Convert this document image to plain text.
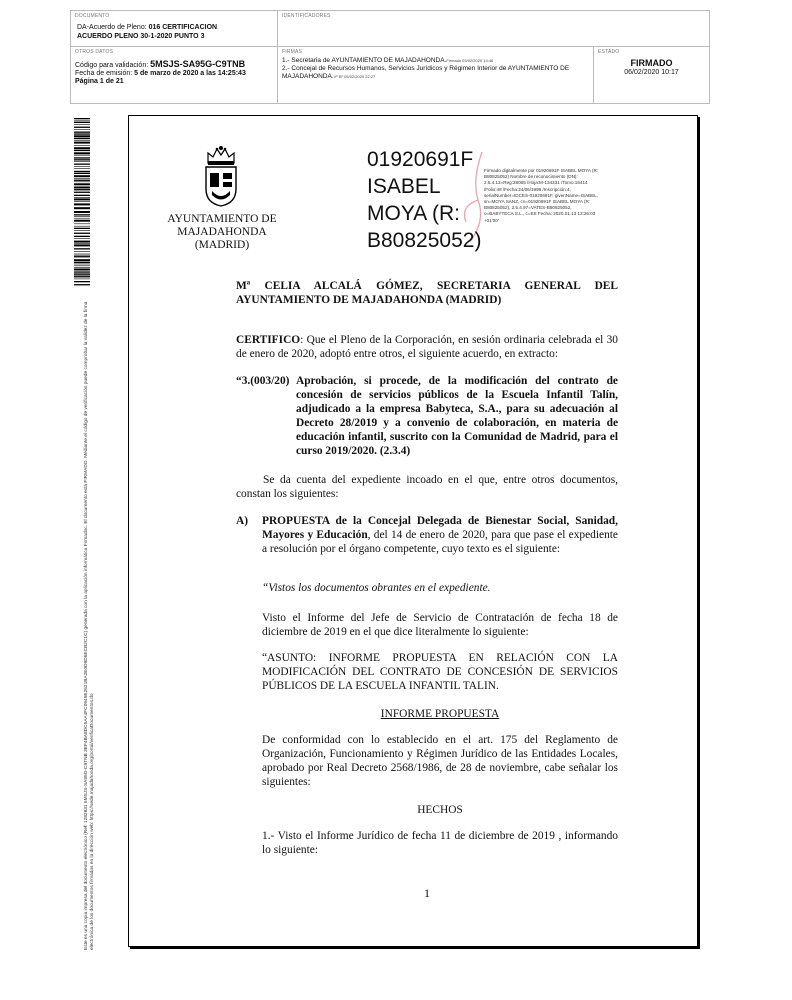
DOCUMENTO
DA-Acuerdo de Pleno: 016 CERTIFICACION
ACUERDO PLENO 30-1-2020 PUNTO 3
IDENTIFICADORES
OTROS DATOS
Código para validación: 5MSJS-SA95G-C9TNB
Fecha de emisión: 5 de marzo de 2020 a las 14:25:43
Página 1 de 21
FIRMAS
1.- Secretaria de AYUNTAMIENTO DE MAJADAHONDA.Firmado 03/02/2020 14:46
2.- Concejal de Recursos Humanos, Servicios Jurídicos y Régimen Interior de AYUNTAMIENTO DE MAJADAHONDA.Vº Bº 05/02/2020 22:27
ESTADO
FIRMADO
06/02/2020 10:17
Este es una copia impresa del documento electrónico (Ref: 1282831 5MSJS-SA95G-C9TNB 3EF4BA8DC5AA4FC0945E2621BA2E0D9D6ECB2C1C) generada con la aplicación informática Firmadoc. El documento está FIRMADO. Mediante el código de verificación puede comprobar la validez de la firma electrónica de los documentos firmados en la dirección web: https://sede.majadahonda.org/portal/verificaDocumentos.do
AYUNTAMIENTO DE
MAJADAHONDA
(MADRID)
01920691F
ISABEL
MOYA (R:
B80825052)
Firmado digitalmente por 01920691F ISABEL MOYA (R: B80825052) Nombre de reconocimiento (DN): 2.5.4.13=Reg:28065 /Hoja:M-134331 /Tomo:16414 /Folio:48 /Fecha:24/06/1996 /Inscripción:4, serialNumber=IDCES-01920691F, givenName=ISABEL, sn=MOYA SANZ, cn=01920691F ISABEL MOYA (R: B80825052), 2.5.4.97=VATES-B80825052, o=BABYTECA S.L., c=ES Fecha: 2020.01.13 13:26:03 +01'00'
Mª CELIA ALCALÁ GÓMEZ, SECRETARIA GENERAL DEL AYUNTAMIENTO DE MAJADAHONDA (MADRID)
CERTIFICO: Que el Pleno de la Corporación, en sesión ordinaria celebrada el 30 de enero de 2020, adoptó entre otros, el siguiente acuerdo, en extracto:
“3.(003/20) Aprobación, si procede, de la modificación del contrato de concesión de servicios públicos de la Escuela Infantil Talín, adjudicado a la empresa Babyteca, S.A., para su adecuación al Decreto 28/2019 y a convenio de colaboración, en materia de educación infantil, suscrito con la Comunidad de Madrid, para el curso 2019/2020. (2.3.4)
Se da cuenta del expediente incoado en el que, entre otros documentos, constan los siguientes:
A)	PROPUESTA de la Concejal Delegada de Bienestar Social, Sanidad, Mayores y Educación, del 14 de enero de 2020, para que pase el expediente a resolución por el órgano competente, cuyo texto es el siguiente:
“Vistos los documentos obrantes en el expediente.
Visto el Informe del Jefe de Servicio de Contratación de fecha 18 de diciembre de 2019 en el que dice literalmente lo siguiente:
“ASUNTO: INFORME PROPUESTA EN RELACIÓN CON LA MODIFICACIÓN DEL CONTRATO DE CONCESIÓN DE SERVICIOS PÚBLICOS DE LA ESCUELA INFANTIL TALIN.
INFORME PROPUESTA
De conformidad con lo establecido en el art. 175 del Reglamento de Organización, Funcionamiento y Régimen Jurídico de las Entidades Locales, aprobado por Real Decreto 2568/1986, de 28 de noviembre, cabe señalar los siguientes:
HECHOS
1.- Visto el Informe Jurídico de fecha 11 de diciembre de 2019 , informando lo siguiente:
1
